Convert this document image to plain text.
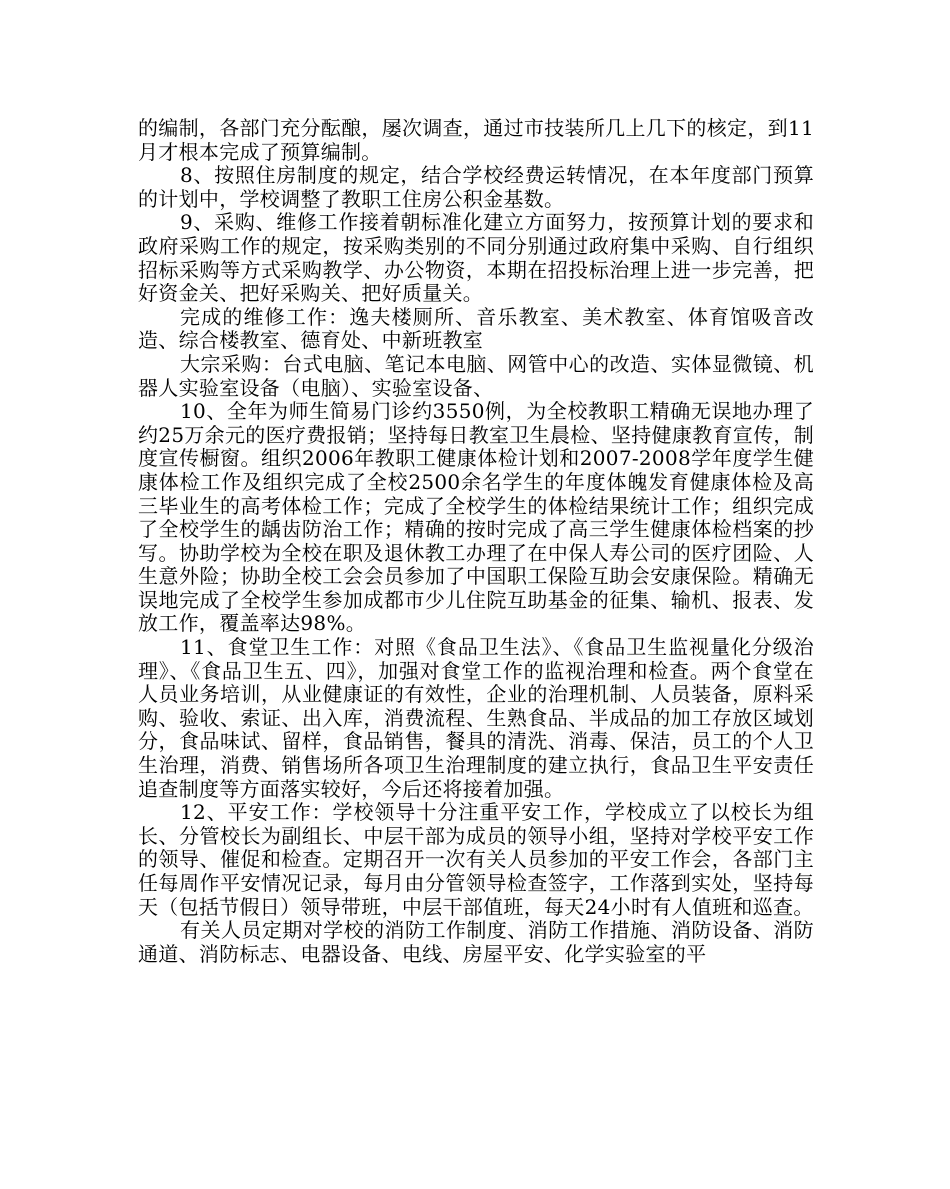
的编制，各部门充分酝酿，屡次调查，通过市技装所几上几下的核定，到11月才根本完成了预算编制。

8、按照住房制度的规定，结合学校经费运转情况，在本年度部门预算的计划中，学校调整了教职工住房公积金基数。

9、采购、维修工作接着朝标准化建立方面努力，按预算计划的要求和政府采购工作的规定，按采购类别的不同分别通过政府集中采购、自行组织招标采购等方式采购教学、办公物资，本期在招投标治理上进一步完善，把好资金关、把好采购关、把好质量关。

完成的维修工作：逸夫楼厕所、音乐教室、美术教室、体育馆吸音改造、综合楼教室、德育处、中新班教室

大宗采购：台式电脑、笔记本电脑、网管中心的改造、实体显微镜、机器人实验室设备（电脑）、实验室设备、

10、全年为师生简易门诊约3550例，为全校教职工精确无误地办理了约25万余元的医疗费报销；坚持每日教室卫生晨检、坚持健康教育宣传，制度宣传橱窗。组织2006年教职工健康体检计划和2007-2008学年度学生健康体检工作及组织完成了全校2500余名学生的年度体魄发育健康体检及高三毕业生的高考体检工作；完成了全校学生的体检结果统计工作；组织完成了全校学生的龋齿防治工作；精确的按时完成了高三学生健康体检档案的抄写。协助学校为全校在职及退休教工办理了在中保人寿公司的医疗团险、人生意外险；协助全校工会会员参加了中国职工保险互助会安康保险。精确无误地完成了全校学生参加成都市少儿住院互助基金的征集、输机、报表、发放工作，覆盖率达98%。

11、食堂卫生工作：对照《食品卫生法》、《食品卫生监视量化分级治理》、《食品卫生五、四》，加强对食堂工作的监视治理和检查。两个食堂在人员业务培训，从业健康证的有效性，企业的治理机制、人员装备，原料采购、验收、索证、出入库，消费流程、生熟食品、半成品的加工存放区域划分，食品味试、留样，食品销售，餐具的清洗、消毒、保洁，员工的个人卫生治理，消费、销售场所各项卫生治理制度的建立执行，食品卫生平安责任追查制度等方面落实较好，今后还将接着加强。

12、平安工作：学校领导十分注重平安工作，学校成立了以校长为组长、分管校长为副组长、中层干部为成员的领导小组，坚持对学校平安工作的领导、催促和检查。定期召开一次有关人员参加的平安工作会，各部门主任每周作平安情况记录，每月由分管领导检查签字，工作落到实处，坚持每天（包括节假日）领导带班，中层干部值班，每天24小时有人值班和巡查。

有关人员定期对学校的消防工作制度、消防工作措施、消防设备、消防通道、消防标志、电器设备、电线、房屋平安、化学实验室的平
